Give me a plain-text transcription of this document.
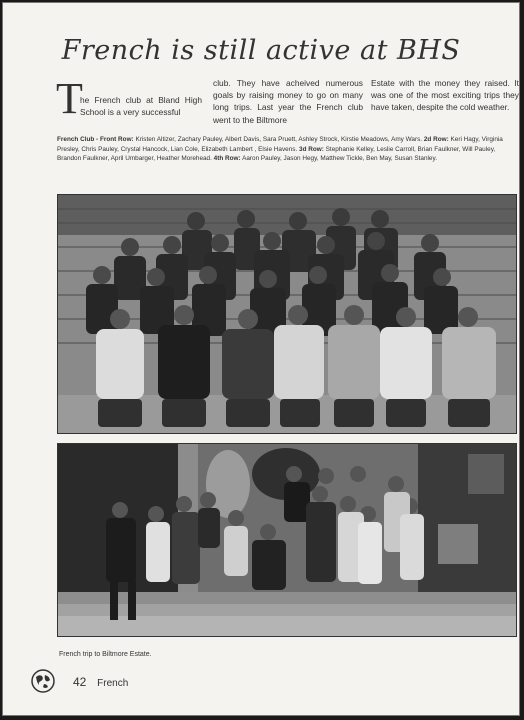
French is still active at BHS
T
he French club at Bland High School is a very successful
club. They have acheived numerous goals by raising money to go on many long trips. Last year the French club went to the Biltmore
Estate with the money they raised. It was one of the most exciting trips they have taken, despite the cold weather.
French Club - Front Row: Kristen Altizer, Zachary Pauley, Albert Davis, Sara Pruett, Ashley Strock, Kirstie Meadows, Amy Wars. 2d Row: Keri Hagy, Virginia Presley, Chris Pauley, Crystal Hancock, Lian Cole, Elizabeth Lambert , Elsie Havens. 3d Row: Stephanie Kelley, Leslie Carroll, Brian Faulkner, Will Pauley, Brandon Faulkner, April Umbarger, Heather Morehead. 4th Row: Aaron Pauley, Jason Hegy, Matthew Tickle, Ben May, Susan Stanley.
French trip to Biltmore Estate.
42 French
